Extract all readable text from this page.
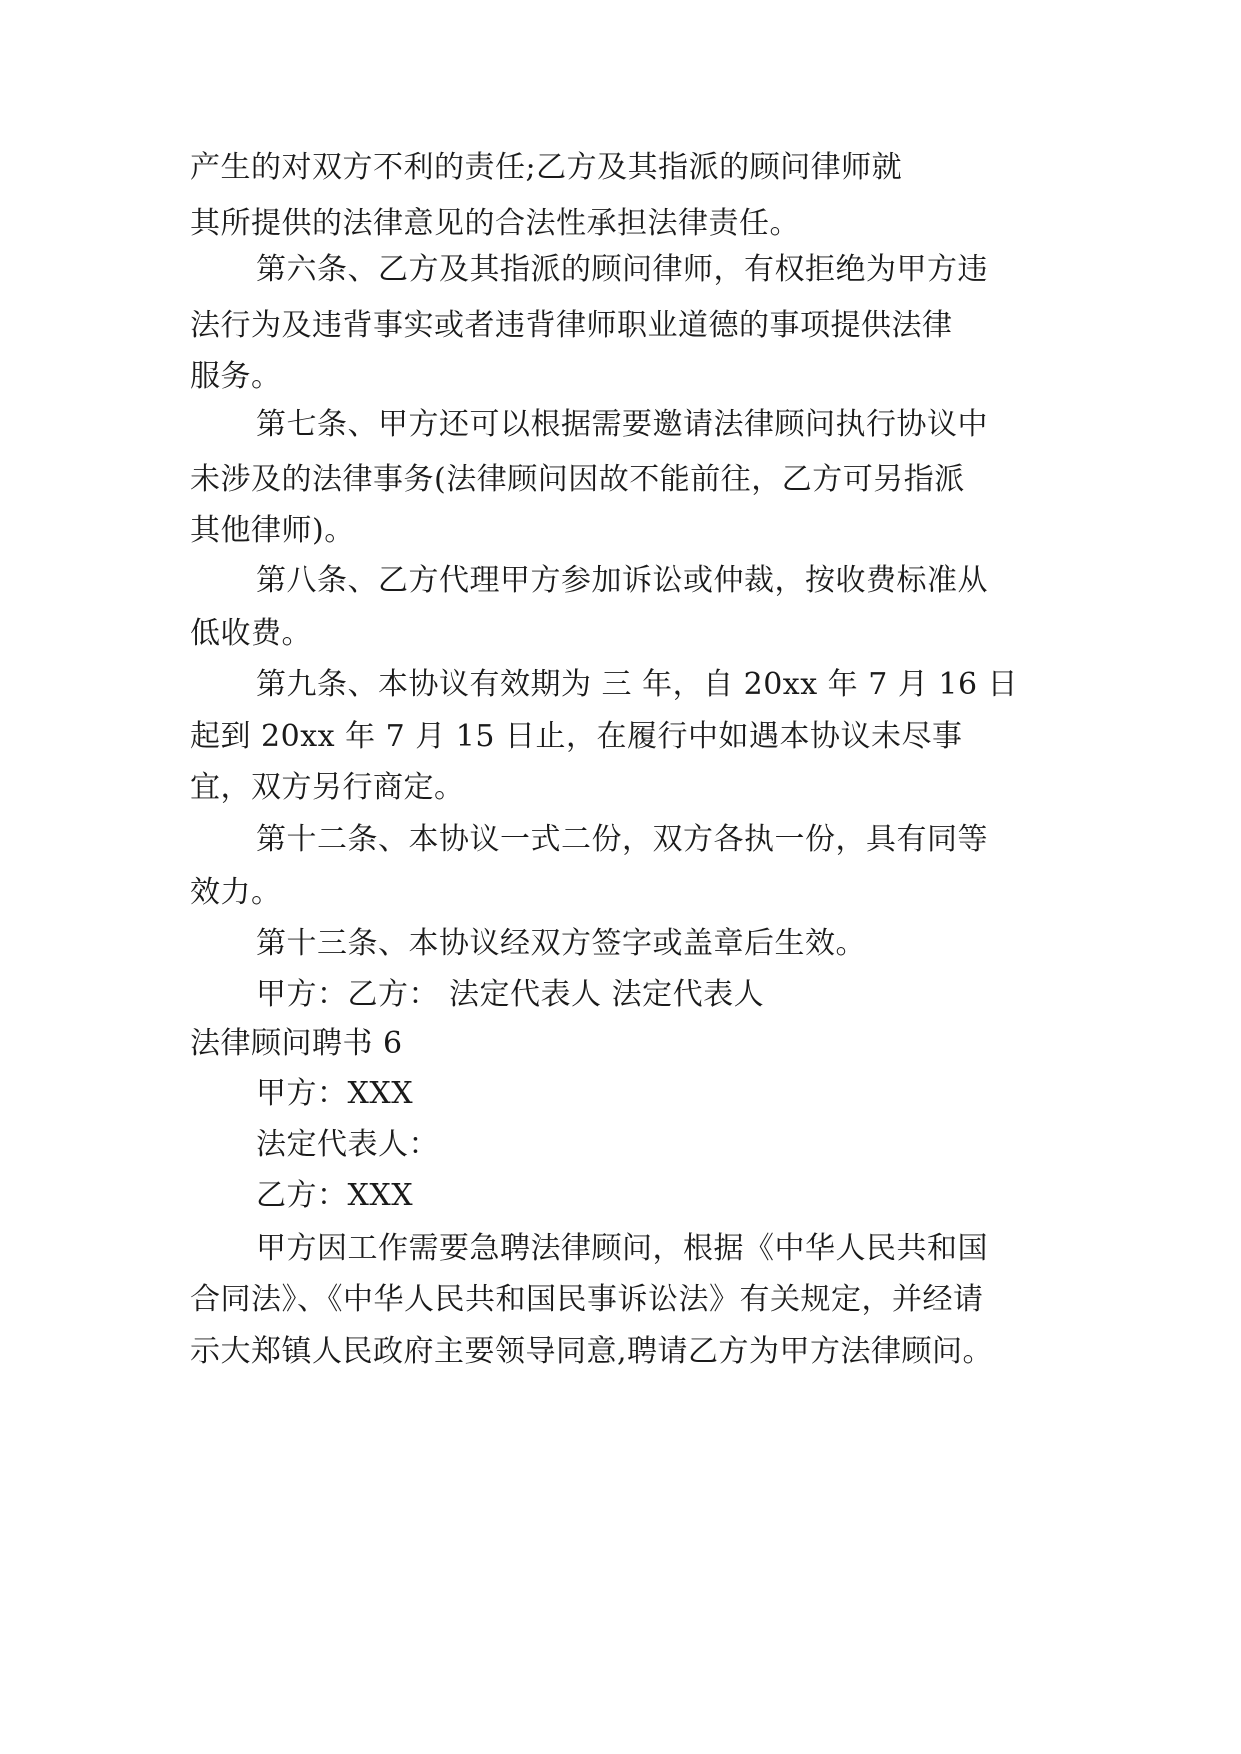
产生的对双方不利的责任;乙方及其指派的顾问律师就
其所提供的法律意见的合法性承担法律责任。
第六条、乙方及其指派的顾问律师，有权拒绝为甲方违
法行为及违背事实或者违背律师职业道德的事项提供法律
服务。
第七条、甲方还可以根据需要邀请法律顾问执行协议中
未涉及的法律事务(法律顾问因故不能前往，乙方可另指派
其他律师)。
第八条、乙方代理甲方参加诉讼或仲裁，按收费标准从
低收费。
第九条、本协议有效期为 三 年，自 20xx 年 7 月 16 日
起到 20xx 年 7 月 15 日止，在履行中如遇本协议未尽事
宜，双方另行商定。
第十二条、本协议一式二份，双方各执一份，具有同等
效力。
第十三条、本协议经双方签字或盖章后生效。
甲方：乙方： 法定代表人 法定代表人
法律顾问聘书 6
甲方：XXX
法定代表人：
乙方：XXX
甲方因工作需要急聘法律顾问，根据《中华人民共和国
合同法》、《中华人民共和国民事诉讼法》有关规定，并经请
示大郑镇人民政府主要领导同意,聘请乙方为甲方法律顾问。
